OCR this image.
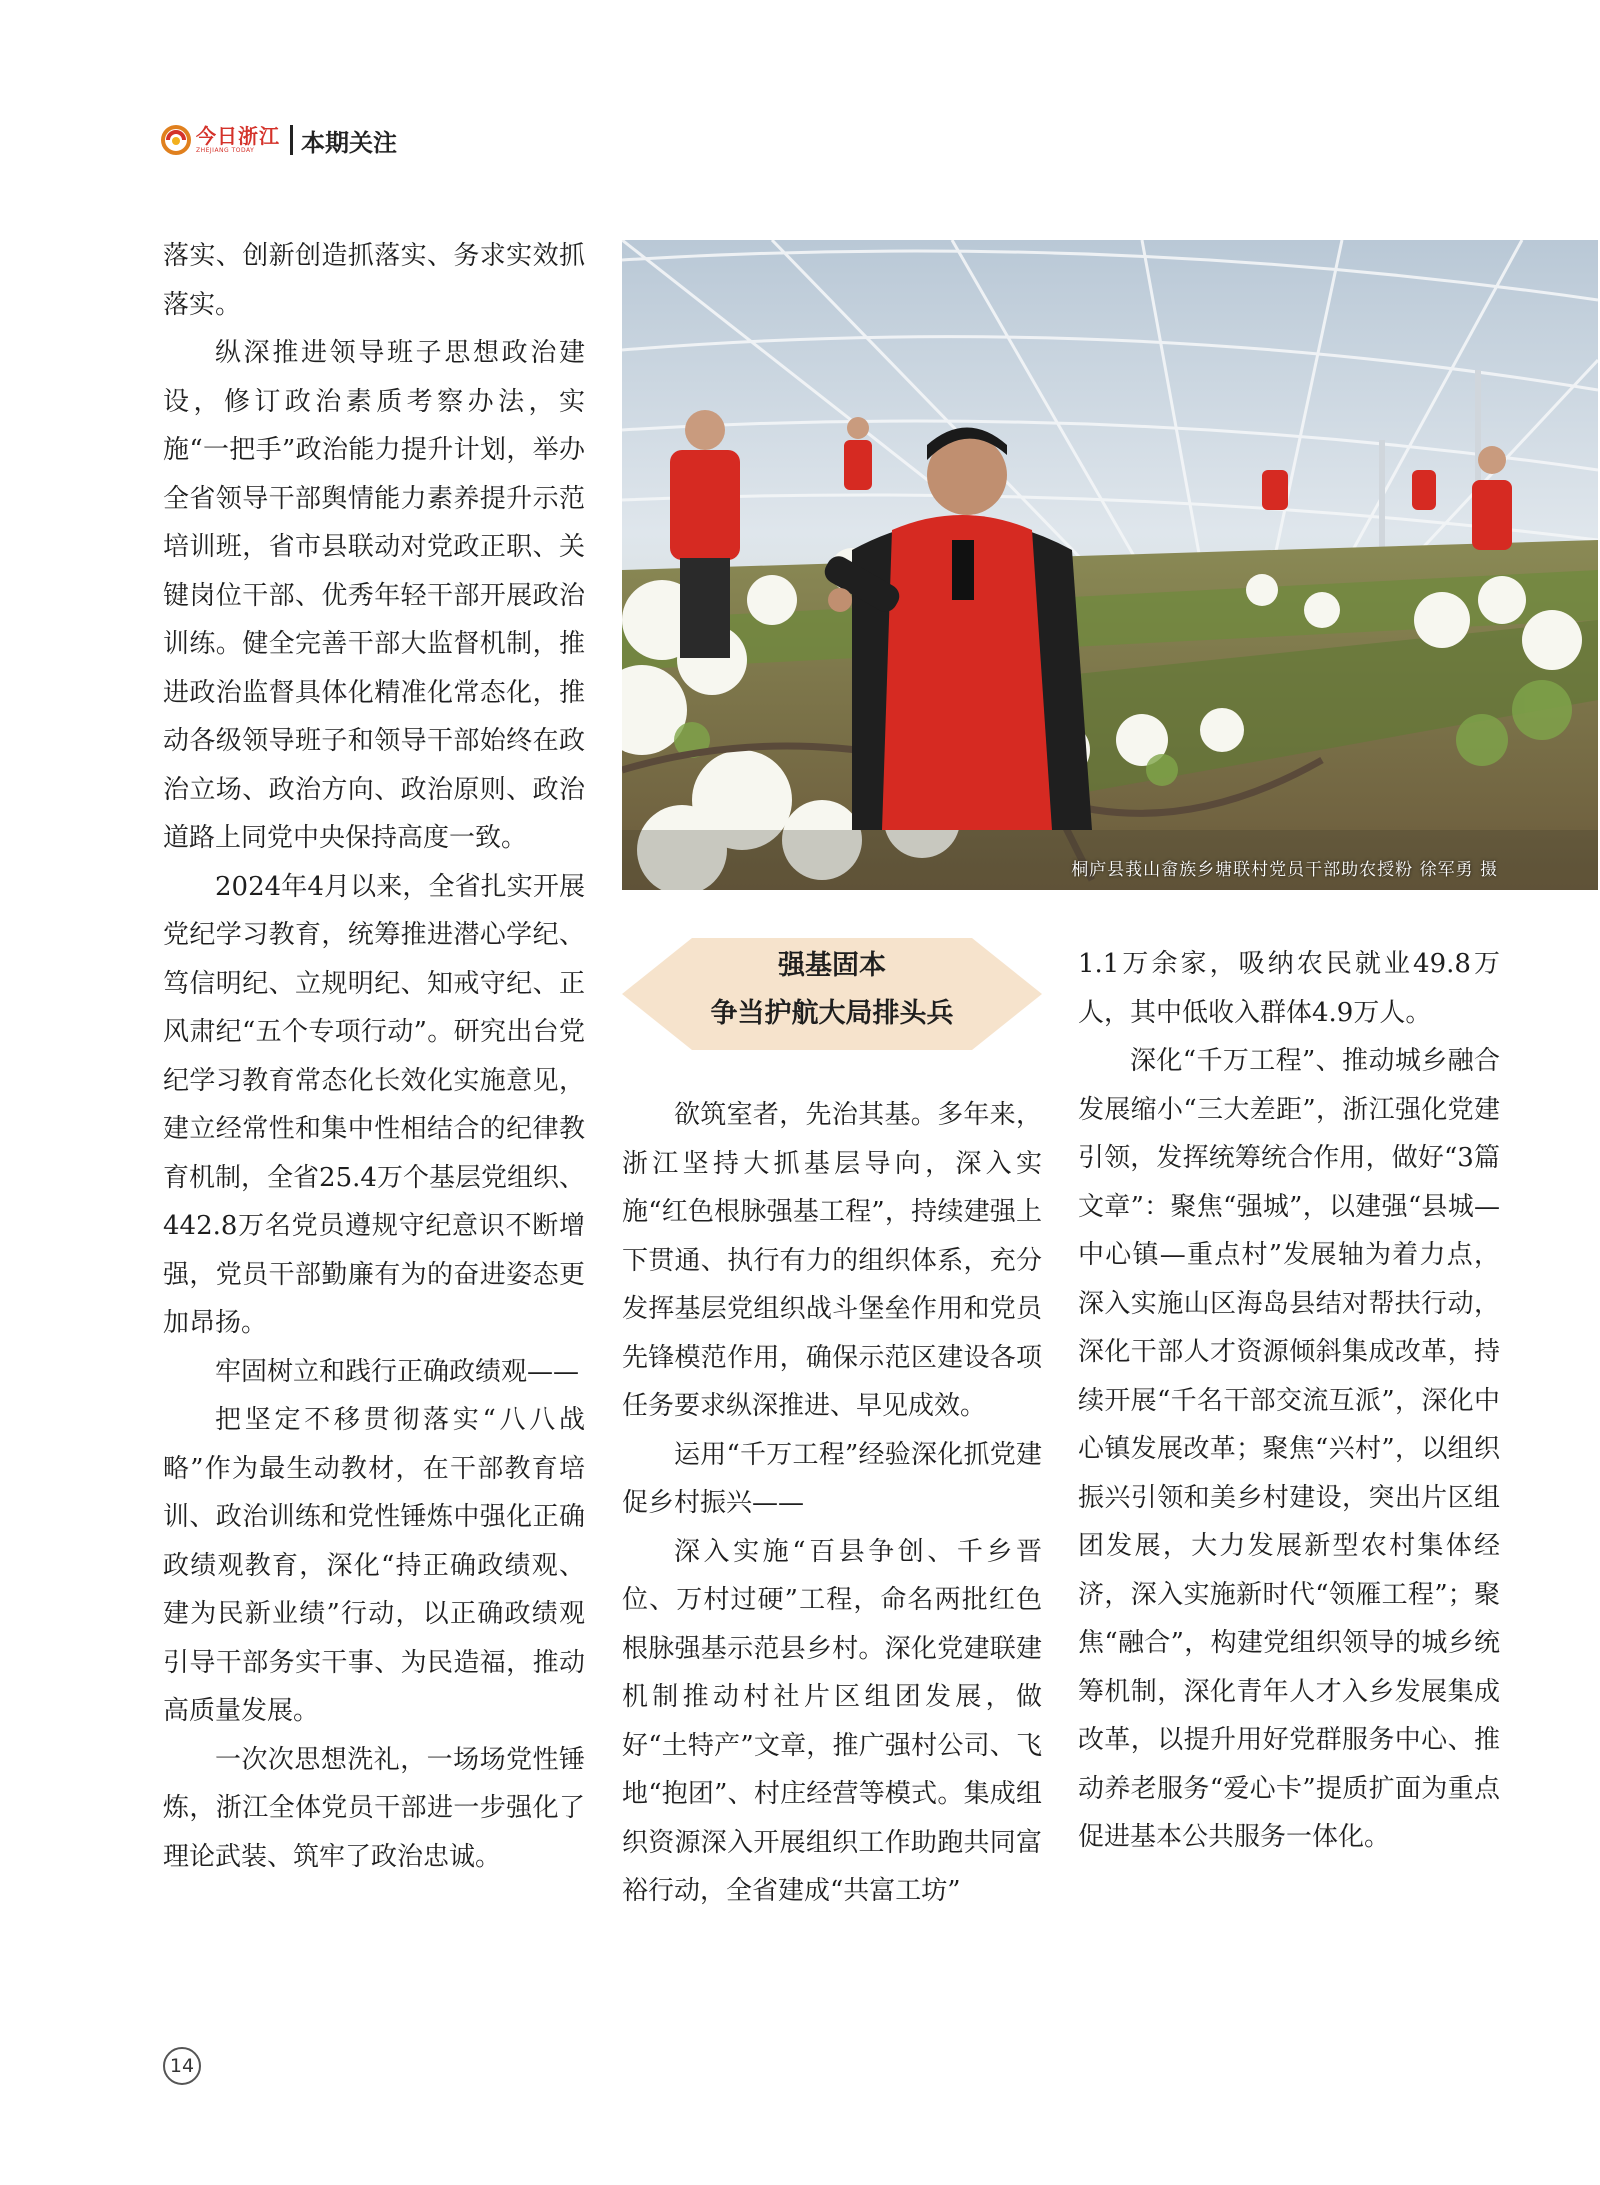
今日浙江
ZHEJIANG TODAY	本期关注

落实、创新创造抓落实、务求实效抓落实。

纵深推进领导班子思想政治建设，修订政治素质考察办法，实施“一把手”政治能力提升计划，举办全省领导干部舆情能力素养提升示范培训班，省市县联动对党政正职、关键岗位干部、优秀年轻干部开展政治训练。健全完善干部大监督机制，推进政治监督具体化精准化常态化，推动各级领导班子和领导干部始终在政治立场、政治方向、政治原则、政治道路上同党中央保持高度一致。

2024年4月以来，全省扎实开展党纪学习教育，统筹推进潜心学纪、笃信明纪、立规明纪、知戒守纪、正风肃纪“五个专项行动”。研究出台党纪学习教育常态化长效化实施意见，建立经常性和集中性相结合的纪律教育机制，全省25.4万个基层党组织、442.8万名党员遵规守纪意识不断增强，党员干部勤廉有为的奋进姿态更加昂扬。

牢固树立和践行正确政绩观——

把坚定不移贯彻落实“八八战略”作为最生动教材，在干部教育培训、政治训练和党性锤炼中强化正确政绩观教育，深化“持正确政绩观、建为民新业绩”行动，以正确政绩观引导干部务实干事、为民造福，推动高质量发展。

一次次思想洗礼，一场场党性锤炼，浙江全体党员干部进一步强化了理论武装、筑牢了政治忠诚。

桐庐县莪山畲族乡塘联村党员干部助农授粉 徐军勇 摄
强基固本
争当护航大局排头兵

欲筑室者，先治其基。多年来，浙江坚持大抓基层导向，深入实施“红色根脉强基工程”，持续建强上下贯通、执行有力的组织体系，充分发挥基层党组织战斗堡垒作用和党员先锋模范作用，确保示范区建设各项任务要求纵深推进、早见成效。

运用“千万工程”经验深化抓党建促乡村振兴——

深入实施“百县争创、千乡晋位、万村过硬”工程，命名两批红色根脉强基示范县乡村。深化党建联建机制推动村社片区组团发展，做好“土特产”文章，推广强村公司、飞地“抱团”、村庄经营等模式。集成组织资源深入开展组织工作助跑共同富裕行动，全省建成“共富工坊”

1.1万余家，吸纳农民就业49.8万人，其中低收入群体4.9万人。

深化“千万工程”、推动城乡融合发展缩小“三大差距”，浙江强化党建引领，发挥统筹统合作用，做好“3篇文章”：聚焦“强城”，以建强“县城—中心镇—重点村”发展轴为着力点，深入实施山区海岛县结对帮扶行动，深化干部人才资源倾斜集成改革，持续开展“千名干部交流互派”，深化中心镇发展改革；聚焦“兴村”，以组织振兴引领和美乡村建设，突出片区组团发展，大力发展新型农村集体经济，深入实施新时代“领雁工程”；聚焦“融合”，构建党组织领导的城乡统筹机制，深化青年人才入乡发展集成改革，以提升用好党群服务中心、推动养老服务“爱心卡”提质扩面为重点促进基本公共服务一体化。

14
